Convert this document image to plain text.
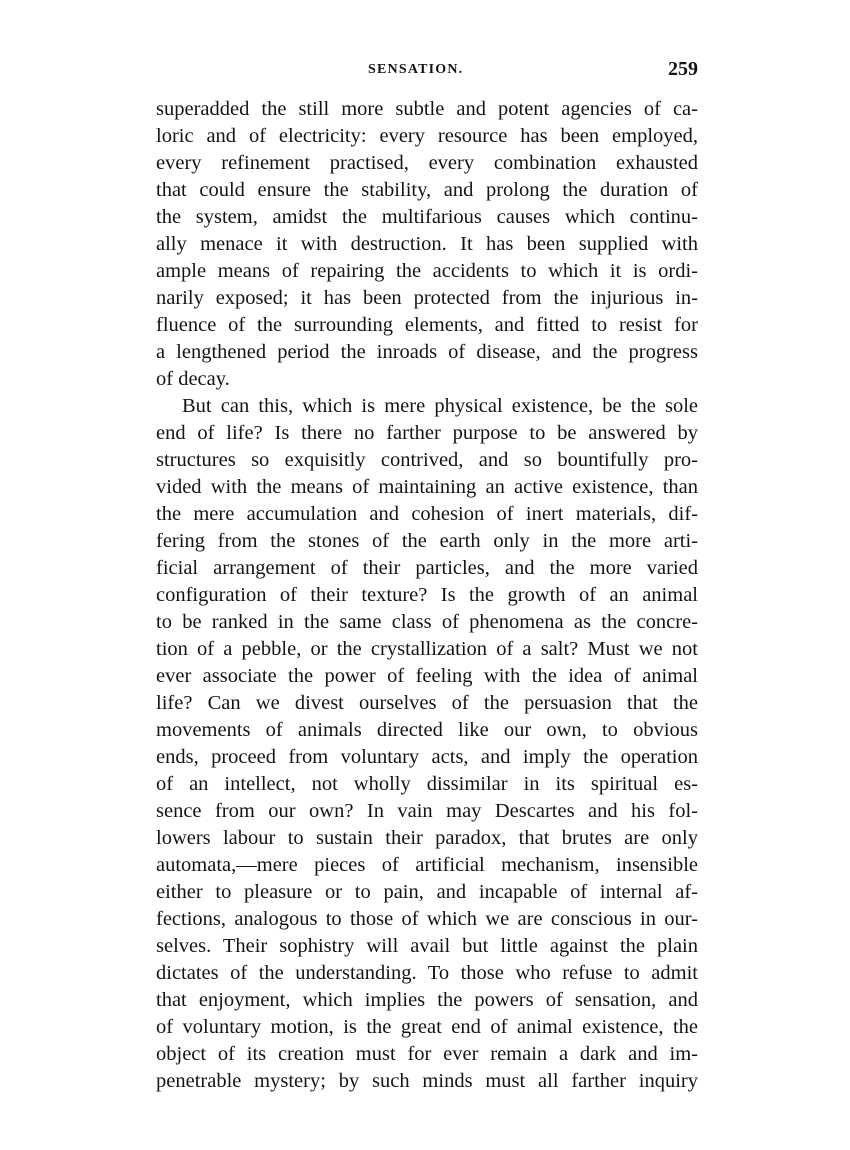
SENSATION.	259
superadded the still more subtle and potent agencies of ca-
loric and of electricity: every resource has been employed,
every refinement practised, every combination exhausted
that could ensure the stability, and prolong the duration of
the system, amidst the multifarious causes which continu-
ally menace it with destruction. It has been supplied with
ample means of repairing the accidents to which it is ordi-
narily exposed; it has been protected from the injurious in-
fluence of the surrounding elements, and fitted to resist for
a lengthened period the inroads of disease, and the progress
of decay.
But can this, which is mere physical existence, be the sole
end of life? Is there no farther purpose to be answered by
structures so exquisitly contrived, and so bountifully pro-
vided with the means of maintaining an active existence, than
the mere accumulation and cohesion of inert materials, dif-
fering from the stones of the earth only in the more arti-
ficial arrangement of their particles, and the more varied
configuration of their texture? Is the growth of an animal
to be ranked in the same class of phenomena as the concre-
tion of a pebble, or the crystallization of a salt? Must we not
ever associate the power of feeling with the idea of animal
life? Can we divest ourselves of the persuasion that the
movements of animals directed like our own, to obvious
ends, proceed from voluntary acts, and imply the operation
of an intellect, not wholly dissimilar in its spiritual es-
sence from our own? In vain may Descartes and his fol-
lowers labour to sustain their paradox, that brutes are only
automata,—mere pieces of artificial mechanism, insensible
either to pleasure or to pain, and incapable of internal af-
fections, analogous to those of which we are conscious in our-
selves. Their sophistry will avail but little against the plain
dictates of the understanding. To those who refuse to admit
that enjoyment, which implies the powers of sensation, and
of voluntary motion, is the great end of animal existence, the
object of its creation must for ever remain a dark and im-
penetrable mystery; by such minds must all farther inquiry
